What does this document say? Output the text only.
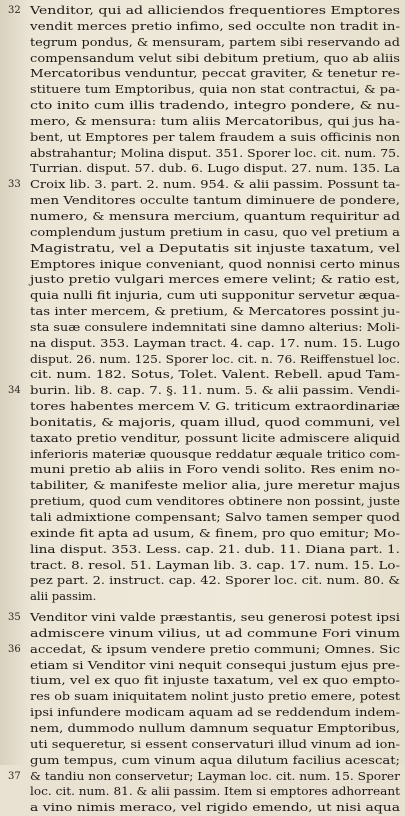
32 Venditor, qui ad alliciendos frequentiores Emptores
vendit merces pretio infimo, sed occulte non tradit in-
tegrum pondus, & mensuram, partem sibi reservando ad
compensandum velut sibi debitum pretium, quo ab aliis
Mercatoribus venduntur, peccat graviter, & tenetur re-
stituere tum Emptoribus, quia non stat contractui, & pa-
cto inito cum illis tradendo, integro pondere, & nu-
mero, & mensura: tum aliis Mercatoribus, qui jus ha-
bent, ut Emptores per talem fraudem a suis officinis non
abstrahantur; Molina disput. 351. Sporer loc. cit. num. 75.
Turrian. disput. 57. dub. 6. Lugo disput. 27. num. 135. La
33 Croix lib. 3. part. 2. num. 954. & alii passim. Possunt ta-
men Venditores occulte tantum diminuere de pondere,
numero, & mensura mercium, quantum requiritur ad
complendum justum pretium in casu, quo vel pretium a
Magistratu, vel a Deputatis sit injuste taxatum, vel
Emptores inique conveniant, quod nonnisi certo minus
justo pretio vulgari merces emere velint; & ratio est,
quia nulli fit injuria, cum uti supponitur servetur æqua-
tas inter mercem, & pretium, & Mercatores possint ju-
sta suæ consulere indemnitati sine damno alterius: Moli-
na disput. 353. Layman tract. 4. cap. 17. num. 15. Lugo
disput. 26. num. 125. Sporer loc. cit. n. 76. Reiffenstuel loc.
cit. num. 182. Sotus, Tolet. Valent. Rebell. apud Tam-
34 burin. lib. 8. cap. 7. §. 11. num. 5. & alii passim. Vendi-
tores habentes mercem V. G. triticum extraordinariæ
bonitatis, & majoris, quam illud, quod communi, vel
taxato pretio venditur, possunt licite admiscere aliquid
inferioris materiæ quousque reddatur æquale tritico com-
muni pretio ab aliis in Foro vendi solito. Res enim no-
tabiliter, & manifeste melior alia, jure meretur majus
pretium, quod cum venditores obtinere non possint, juste
tali admixtione compensant; Salvo tamen semper quod
exinde fit apta ad usum, & finem, pro quo emitur; Mo-
lina disput. 353. Less. cap. 21. dub. 11. Diana part. 1.
tract. 8. resol. 51. Layman lib. 3. cap. 17. num. 15. Lo-
pez part. 2. instruct. cap. 42. Sporer loc. cit. num. 80. &
alii passim.
35 Venditor vini valde præstantis, seu generosi potest ipsi
admiscere vinum vilius, ut ad commune Fori vinum
36 accedat, & ipsum vendere pretio communi; Omnes. Sic
etiam si Venditor vini nequit consequi justum ejus pre-
tium, vel ex quo fit injuste taxatum, vel ex quo empto-
res ob suam iniquitatem nolint justo pretio emere, potest
ipsi infundere modicam aquam ad se reddendum indem-
nem, dummodo nullum damnum sequatur Emptoribus,
uti sequeretur, si essent conservaturi illud vinum ad ion-
gum tempus, cum vinum aqua dilutum facilius acescat;
37 & tandiu non conservetur; Layman loc. cit. num. 15. Sporer
loc. cit. num. 81. & alii passim. Item si emptores adhorreant
a vino nimis meraco, vel rigido emendo, ut nisi aqua
